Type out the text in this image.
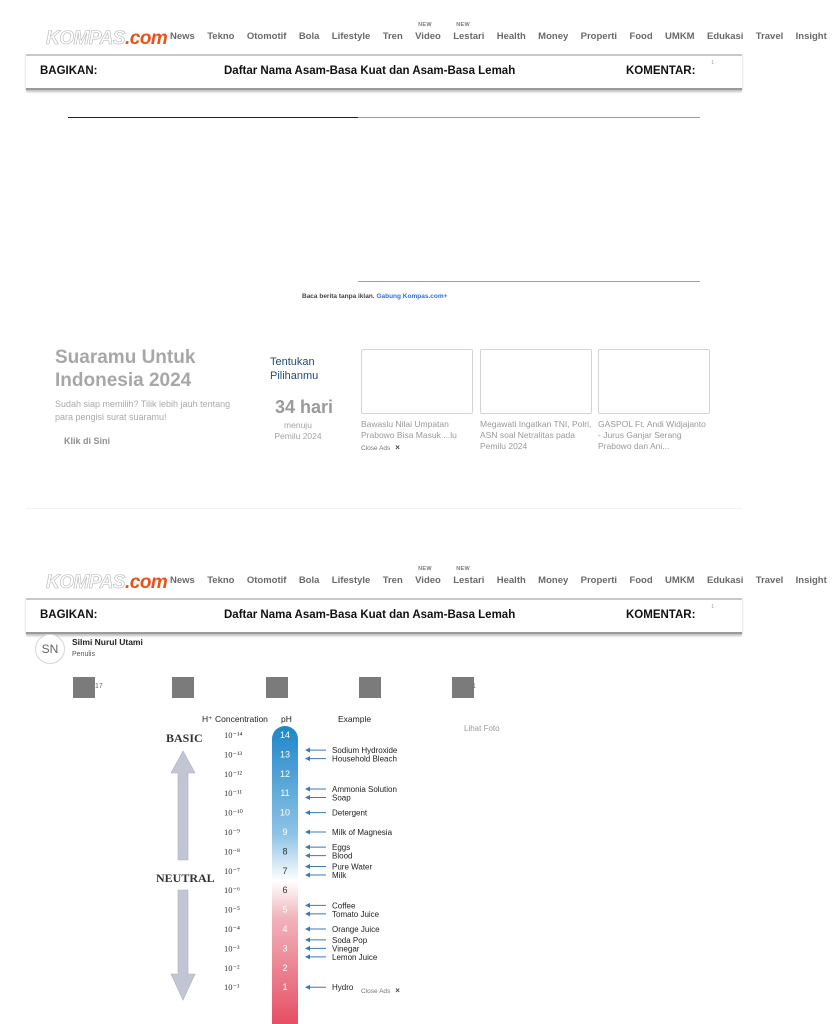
KOMPAS.com News	Tekno	Otomotif	Bola	Lifestyle	Tren	Video
NEW
Lestari
NEW
Health	Money	Properti	Food	UMKM	Edukasi	Travel	Insight
BAGIKAN:	Daftar Nama Asam-Basa Kuat dan Asam-Basa Lemah	KOMENTAR:
1
Baca berita tanpa iklan. Gabung Kompas.com+
Suaramu Untuk Indonesia 2024
Sudah siap memilih? Tilik lebih jauh tentang para pengisi surat suaramu!
Klik di Sini
Tentukan Pilihanmu
34 hari
menuju Pemilu 2024
Bawaslu Nilai Umpatan Prabowo Bisa Masuk ...lu
Megawati Ingatkan TNI, Polri, ASN soal Netralitas pada Pemilu 2024
GASPOL Ft. Andi Widjajanto - Jurus Ganjar Serang Prabowo dan Ani...
Close Ads ×
KOMPAS.com News	Tekno	Otomotif	Bola	Lifestyle	Tren	Video
NEW
Lestari
NEW
Health	Money	Properti	Food	UMKM	Edukasi	Travel	Insight
BAGIKAN:	Daftar Nama Asam-Basa Kuat dan Asam-Basa Lemah	KOMENTAR:
1
SN	Silmi Nurul Utami
Penulis
17	1
Lihat Foto
H⁺ Concentration pH	Example
BASIC
NEUTRAL
10⁻¹⁴	14
10⁻¹³	13	Sodium Hydroxide
Household Bleach
10⁻¹²	12
10⁻¹¹	11	Ammonia Solution
Soap
10⁻¹⁰	10	Detergent
10⁻⁹	9	Milk of Magnesia
10⁻⁸	8	Eggs
Blood
10⁻⁷	7	Pure Water
Milk
10⁻⁶	6
10⁻⁵	5	Coffee
Tomato Juice
10⁻⁴	4	Orange Juice
10⁻³	3
Soda Pop
Vinegar
Lemon Juice
10⁻²	2
10⁻¹	1	Hydro Close Ads ×
